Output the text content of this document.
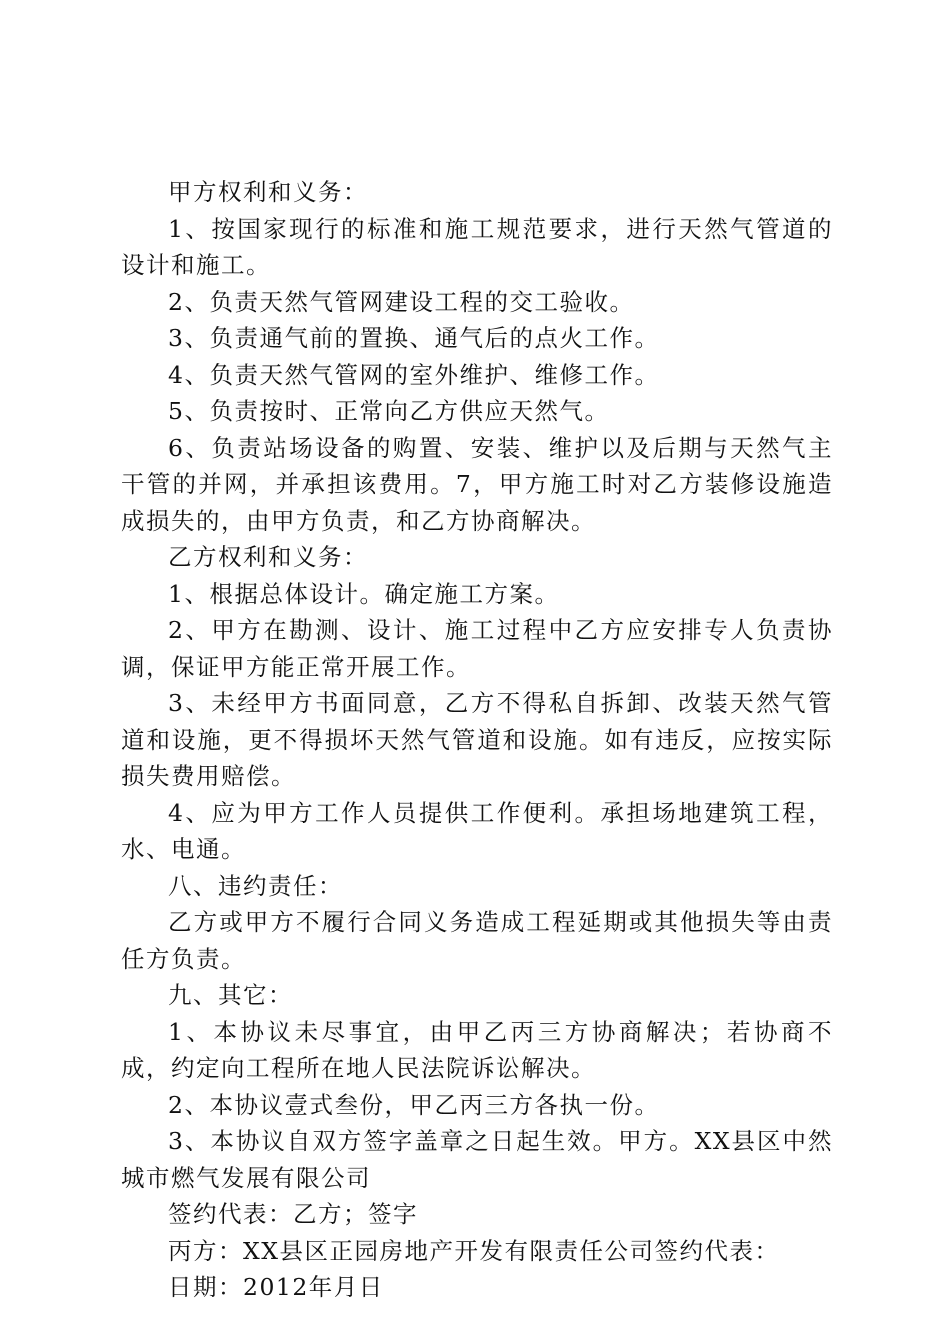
甲方权利和义务：

1、按国家现行的标准和施工规范要求，进行天然气管道的设计和施工。

2、负责天然气管网建设工程的交工验收。

3、负责通气前的置换、通气后的点火工作。

4、负责天然气管网的室外维护、维修工作。

5、负责按时、正常向乙方供应天然气。

6、负责站场设备的购置、安装、维护以及后期与天然气主干管的并网，并承担该费用。7，甲方施工时对乙方装修设施造成损失的，由甲方负责，和乙方协商解决。

乙方权利和义务：

1、根据总体设计。确定施工方案。

2、甲方在勘测、设计、施工过程中乙方应安排专人负责协调，保证甲方能正常开展工作。

3、未经甲方书面同意，乙方不得私自拆卸、改装天然气管道和设施，更不得损坏天然气管道和设施。如有违反，应按实际损失费用赔偿。

4、应为甲方工作人员提供工作便利。承担场地建筑工程，水、电通。

八、违约责任：

乙方或甲方不履行合同义务造成工程延期或其他损失等由责任方负责。

九、其它：

1、本协议未尽事宜，由甲乙丙三方协商解决；若协商不成，约定向工程所在地人民法院诉讼解决。

2、本协议壹式叁份，甲乙丙三方各执一份。

3、本协议自双方签字盖章之日起生效。甲方。XX县区中然城市燃气发展有限公司

签约代表：乙方；签字

丙方：XX县区正园房地产开发有限责任公司签约代表：

日期：2012年月日
